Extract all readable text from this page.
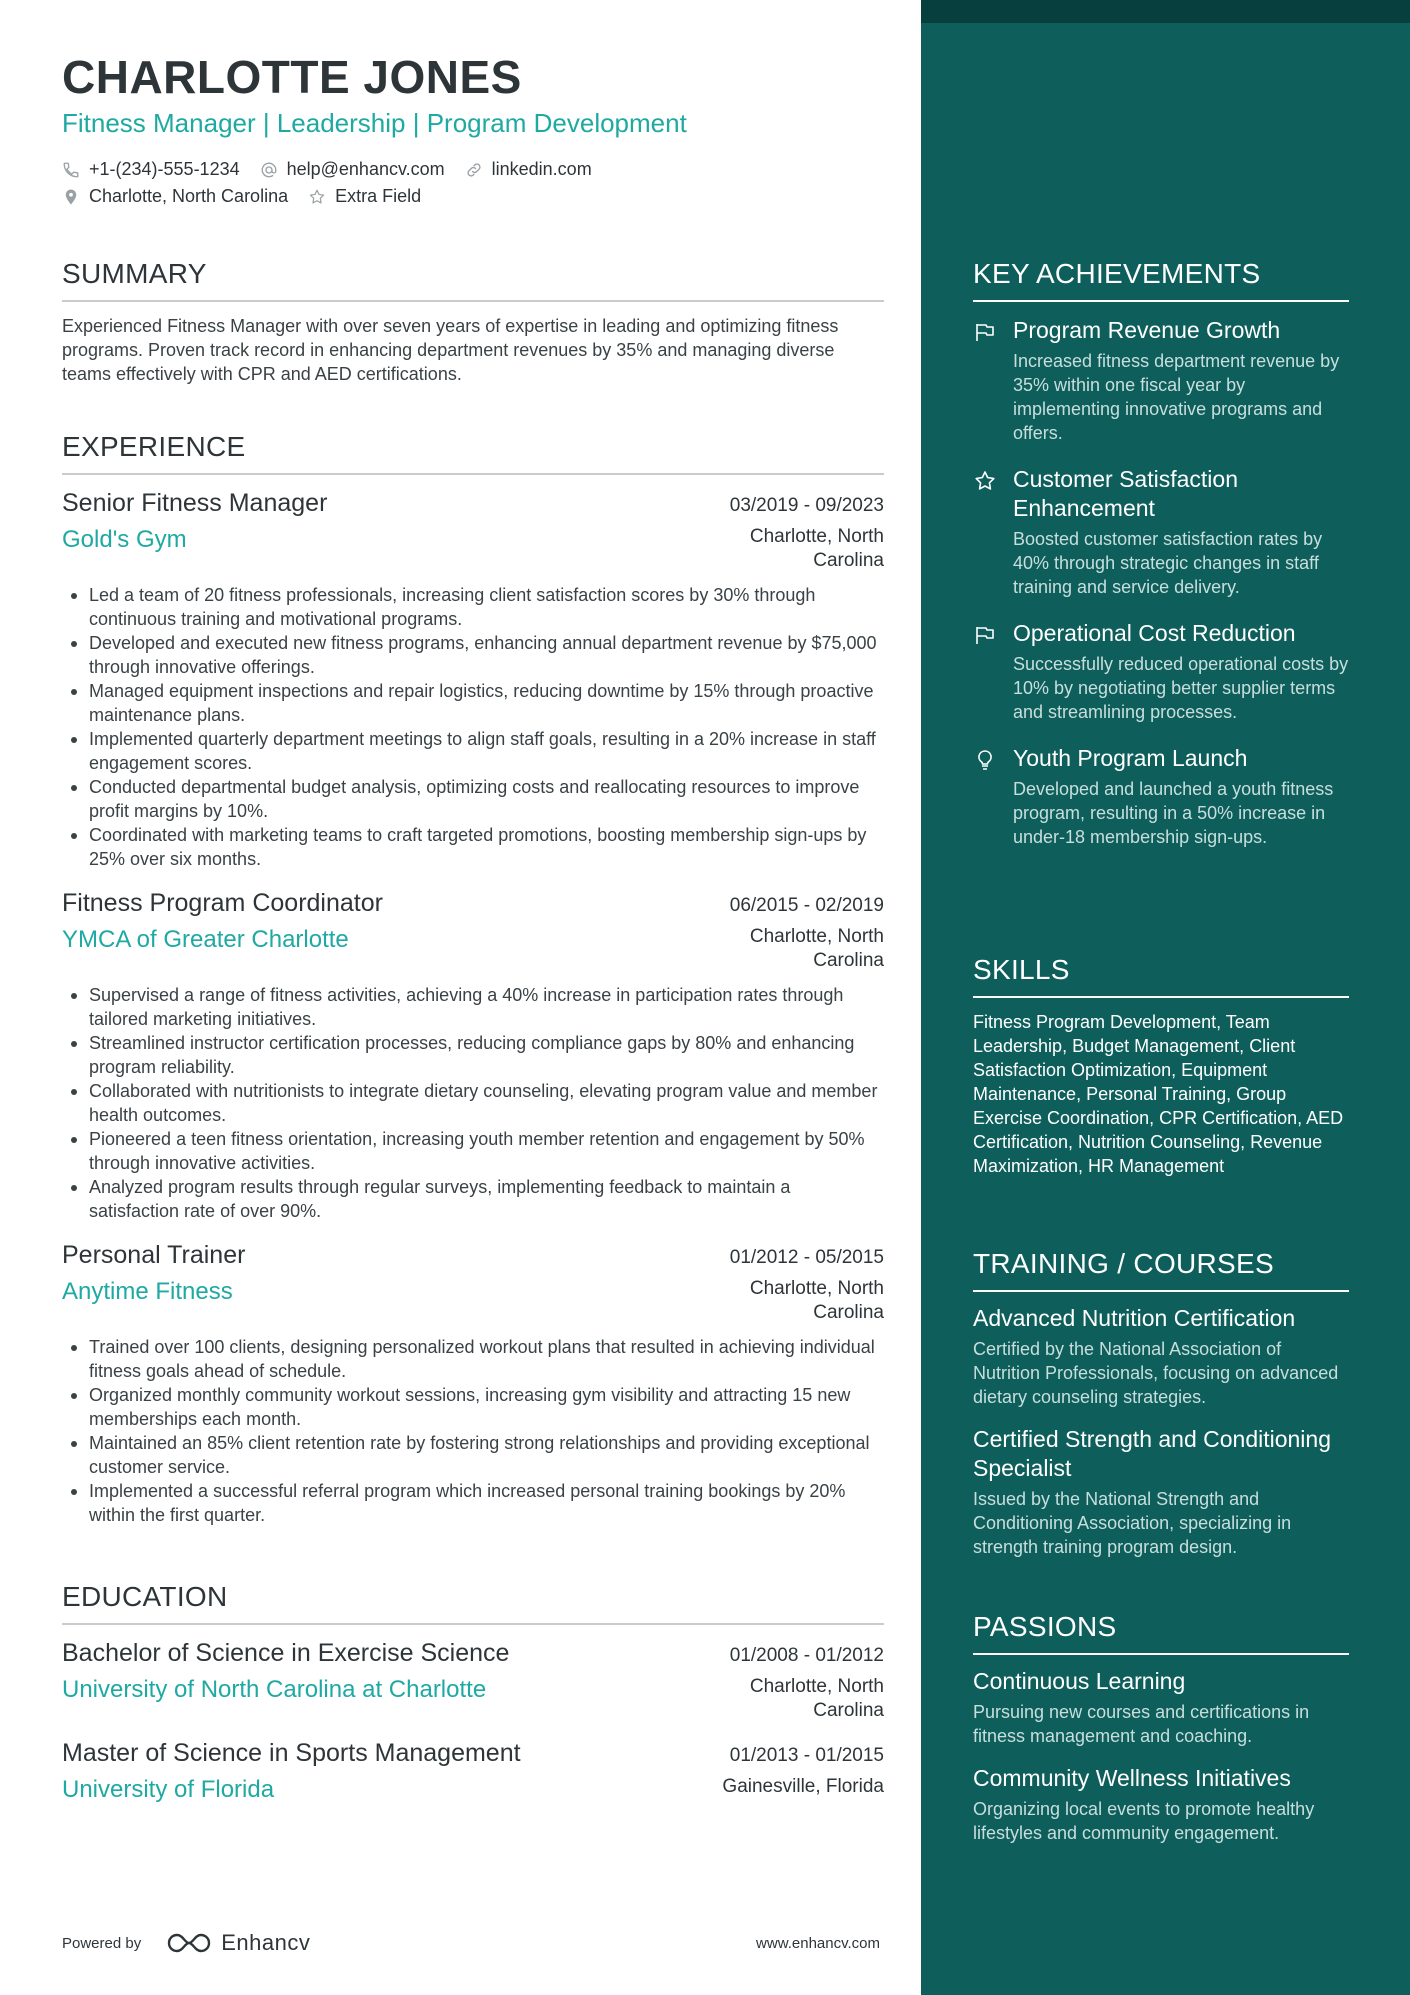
CHARLOTTE JONES
Fitness Manager | Leadership | Program Development
+1-(234)-555-1234	help@enhancv.com	linkedin.com
Charlotte, North Carolina	Extra Field
SUMMARY
Experienced Fitness Manager with over seven years of expertise in leading and optimizing fitness programs. Proven track record in enhancing department revenues by 35% and managing diverse teams effectively with CPR and AED certifications.
EXPERIENCE
Senior Fitness Manager	03/2019 - 09/2023
Gold's Gym	Charlotte, North Carolina
Led a team of 20 fitness professionals, increasing client satisfaction scores by 30% through continuous training and motivational programs.
Developed and executed new fitness programs, enhancing annual department revenue by $75,000 through innovative offerings.
Managed equipment inspections and repair logistics, reducing downtime by 15% through proactive maintenance plans.
Implemented quarterly department meetings to align staff goals, resulting in a 20% increase in staff engagement scores.
Conducted departmental budget analysis, optimizing costs and reallocating resources to improve profit margins by 10%.
Coordinated with marketing teams to craft targeted promotions, boosting membership sign-ups by 25% over six months.
Fitness Program Coordinator	06/2015 - 02/2019
YMCA of Greater Charlotte	Charlotte, North Carolina
Supervised a range of fitness activities, achieving a 40% increase in participation rates through tailored marketing initiatives.
Streamlined instructor certification processes, reducing compliance gaps by 80% and enhancing program reliability.
Collaborated with nutritionists to integrate dietary counseling, elevating program value and member health outcomes.
Pioneered a teen fitness orientation, increasing youth member retention and engagement by 50% through innovative activities.
Analyzed program results through regular surveys, implementing feedback to maintain a satisfaction rate of over 90%.
Personal Trainer	01/2012 - 05/2015
Anytime Fitness	Charlotte, North Carolina
Trained over 100 clients, designing personalized workout plans that resulted in achieving individual fitness goals ahead of schedule.
Organized monthly community workout sessions, increasing gym visibility and attracting 15 new memberships each month.
Maintained an 85% client retention rate by fostering strong relationships and providing exceptional customer service.
Implemented a successful referral program which increased personal training bookings by 20% within the first quarter.
EDUCATION
Bachelor of Science in Exercise Science	01/2008 - 01/2012
University of North Carolina at Charlotte	Charlotte, North Carolina
Master of Science in Sports Management	01/2013 - 01/2015
University of Florida	Gainesville, Florida
KEY ACHIEVEMENTS
Program Revenue Growth
Increased fitness department revenue by 35% within one fiscal year by implementing innovative programs and offers.
Customer Satisfaction Enhancement
Boosted customer satisfaction rates by 40% through strategic changes in staff training and service delivery.
Operational Cost Reduction
Successfully reduced operational costs by 10% by negotiating better supplier terms and streamlining processes.
Youth Program Launch
Developed and launched a youth fitness program, resulting in a 50% increase in under-18 membership sign-ups.
SKILLS
Fitness Program Development, Team Leadership, Budget Management, Client Satisfaction Optimization, Equipment Maintenance, Personal Training, Group Exercise Coordination, CPR Certification, AED Certification, Nutrition Counseling, Revenue Maximization, HR Management
TRAINING / COURSES
Advanced Nutrition Certification
Certified by the National Association of Nutrition Professionals, focusing on advanced dietary counseling strategies.
Certified Strength and Conditioning Specialist
Issued by the National Strength and Conditioning Association, specializing in strength training program design.
PASSIONS
Continuous Learning
Pursuing new courses and certifications in fitness management and coaching.
Community Wellness Initiatives
Organizing local events to promote healthy lifestyles and community engagement.
Powered by	Enhancv	www.enhancv.com
